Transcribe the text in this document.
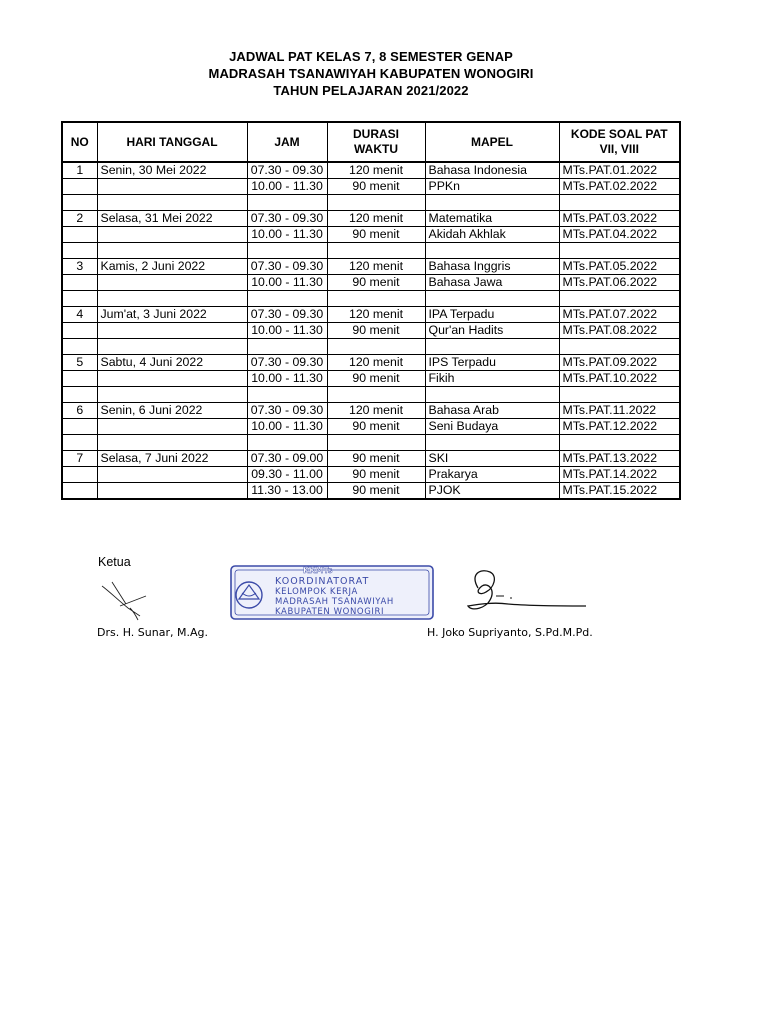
JADWAL PAT KELAS 7, 8 SEMESTER GENAP
MADRASAH TSANAWIYAH KABUPATEN WONOGIRI
TAHUN PELAJARAN 2021/2022
NO	HARI TANGGAL	JAM	DURASI WAKTU	MAPEL	KODE SOAL PAT VII, VIII
1	Senin, 30 Mei 2022	07.30 - 09.30	120 menit	Bahasa Indonesia	MTs.PAT.01.2022
		10.00 - 11.30	90 menit	PPKn	MTs.PAT.02.2022

2	Selasa, 31 Mei 2022	07.30 - 09.30	120 menit	Matematika	MTs.PAT.03.2022
		10.00 - 11.30	90 menit	Akidah Akhlak	MTs.PAT.04.2022

3	Kamis, 2 Juni 2022	07.30 - 09.30	120 menit	Bahasa Inggris	MTs.PAT.05.2022
		10.00 - 11.30	90 menit	Bahasa Jawa	MTs.PAT.06.2022

4	Jum'at, 3 Juni 2022	07.30 - 09.30	120 menit	IPA Terpadu	MTs.PAT.07.2022
		10.00 - 11.30	90 menit	Qur'an Hadits	MTs.PAT.08.2022

5	Sabtu, 4 Juni 2022	07.30 - 09.30	120 menit	IPS Terpadu	MTs.PAT.09.2022
		10.00 - 11.30	90 menit	Fikih	MTs.PAT.10.2022

6	Senin, 6 Juni 2022	07.30 - 09.30	120 menit	Bahasa Arab	MTs.PAT.11.2022
		10.00 - 11.30	90 menit	Seni Budaya	MTs.PAT.12.2022

7	Selasa, 7 Juni 2022	07.30 - 09.00	90 menit	SKI	MTs.PAT.13.2022
		09.30 - 11.00	90 menit	Prakarya	MTs.PAT.14.2022
		11.30 - 13.00	90 menit	PJOK	MTs.PAT.15.2022
Ketua
KKMTs
KOORDINATORAT
KELOMPOK KERJA
MADRASAH TSANAWIYAH
KABUPATEN WONOGIRI
Drs. H. Sunar, M.Ag.	H. Joko Supriyanto, S.Pd.M.Pd.
